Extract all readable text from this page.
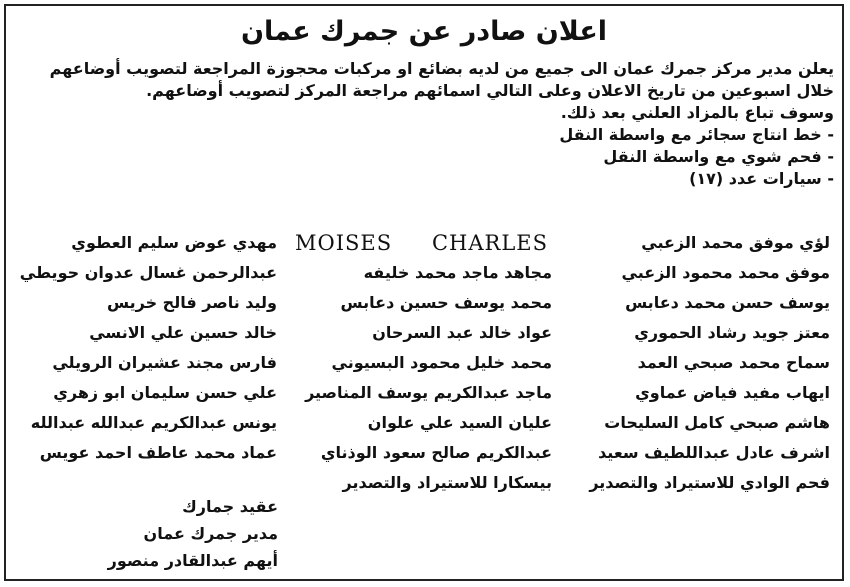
اعلان صادر عن جمرك عمان
يعلن مدير مركز جمرك عمان الى جميع من لديه بضائع او مركبات محجوزة المراجعة لتصويب أوضاعهم
خلال اسبوعين من تاريخ الاعلان وعلى التالي اسمائهم مراجعة المركز لتصويب أوضاعهم.
وسوف تباع بالمزاد العلني بعد ذلك.
- خط انتاج سجائر مع واسطة النقل
- فحم شوي مع واسطة النقل
- سيارات عدد (١٧)
لؤي موفق محمد الزعبي
موفق محمد محمود الزعبي
يوسف حسن محمد دعابس
معتز جويد رشاد الحموري
سماح محمد صبحي العمد
ايهاب مفيد فياض عماوي
هاشم صبحي كامل السليحات
اشرف عادل عبداللطيف سعيد
فحم الوادي للاستيراد والتصدير
MOISES CHARLES
مجاهد ماجد محمد خليفه
محمد يوسف حسين دعابس
عواد خالد عبد السرحان
محمد خليل محمود البسيوني
ماجد عبدالكريم يوسف المناصير
عليان السيد علي علوان
عبدالكريم صالح سعود الوذناي
بيسكارا للاستيراد والتصدير
مهدي عوض سليم العطوي
عبدالرحمن غسال عدوان حويطي
وليد ناصر فالح خريس
خالد حسين علي الانسي
فارس مجند عشيران الرويلي
علي حسن سليمان ابو زهري
يونس عبدالكريم عبدالله عبدالله
عماد محمد عاطف احمد عويس
عقيد جمارك
مدير جمرك عمان
أيهم عبدالقادر منصور
